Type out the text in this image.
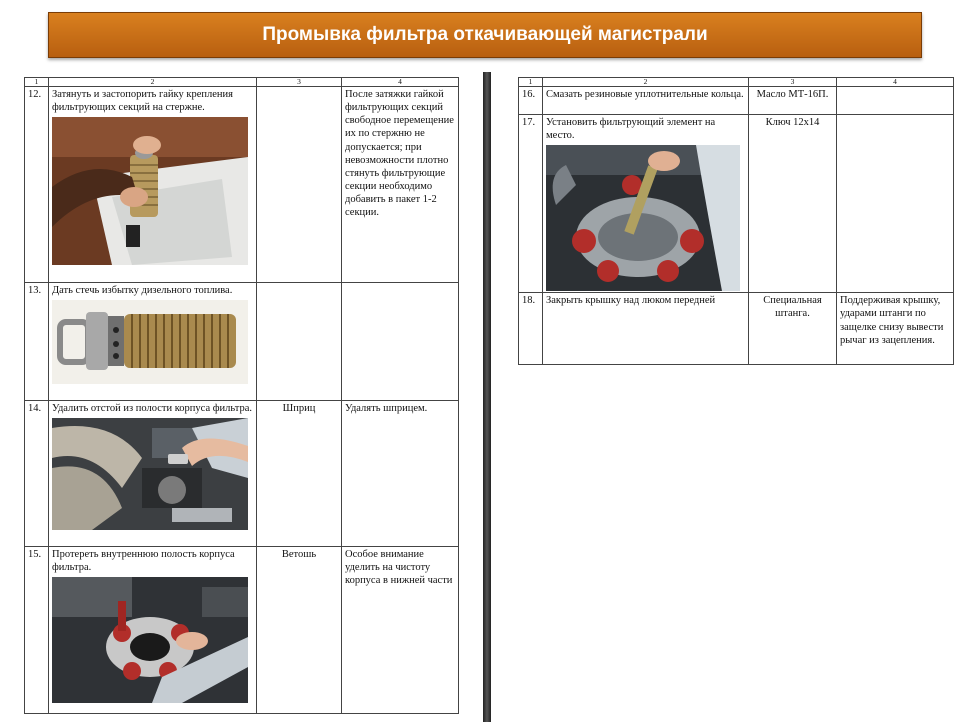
Промывка фильтра откачивающей магистрали
1	2	3	4
12.	Затянуть и застопорить гайку крепления фильтрующих секций на стержне.		После затяжки гайкой фильтрующих секций свободное перемещение их по стержню не допускается; при невозможности плотно стянуть фильтрующие секции необходимо добавить в пакет 1-2 секции.
13.	Дать стечь избытку дизельного топлива.		

14.	Удалить отстой из полости корпуса фильтра.	Шприц	Удалять шприцем.
15.	Протереть внутреннюю полость корпуса фильтра.	Ветошь	Особое внимание уделить на чистоту корпуса в нижней части
1	2	3	4
16.	Смазать резиновые уплотнительные кольца.	Масло МТ-16П.	
17.	Установить фильтрующий элемент на место.	Ключ 12х14	
18.	Закрыть крышку над люком передней	Специальная штанга.	Поддерживая крышку, ударами штанги по защелке снизу вывести рычаг из зацепления.
